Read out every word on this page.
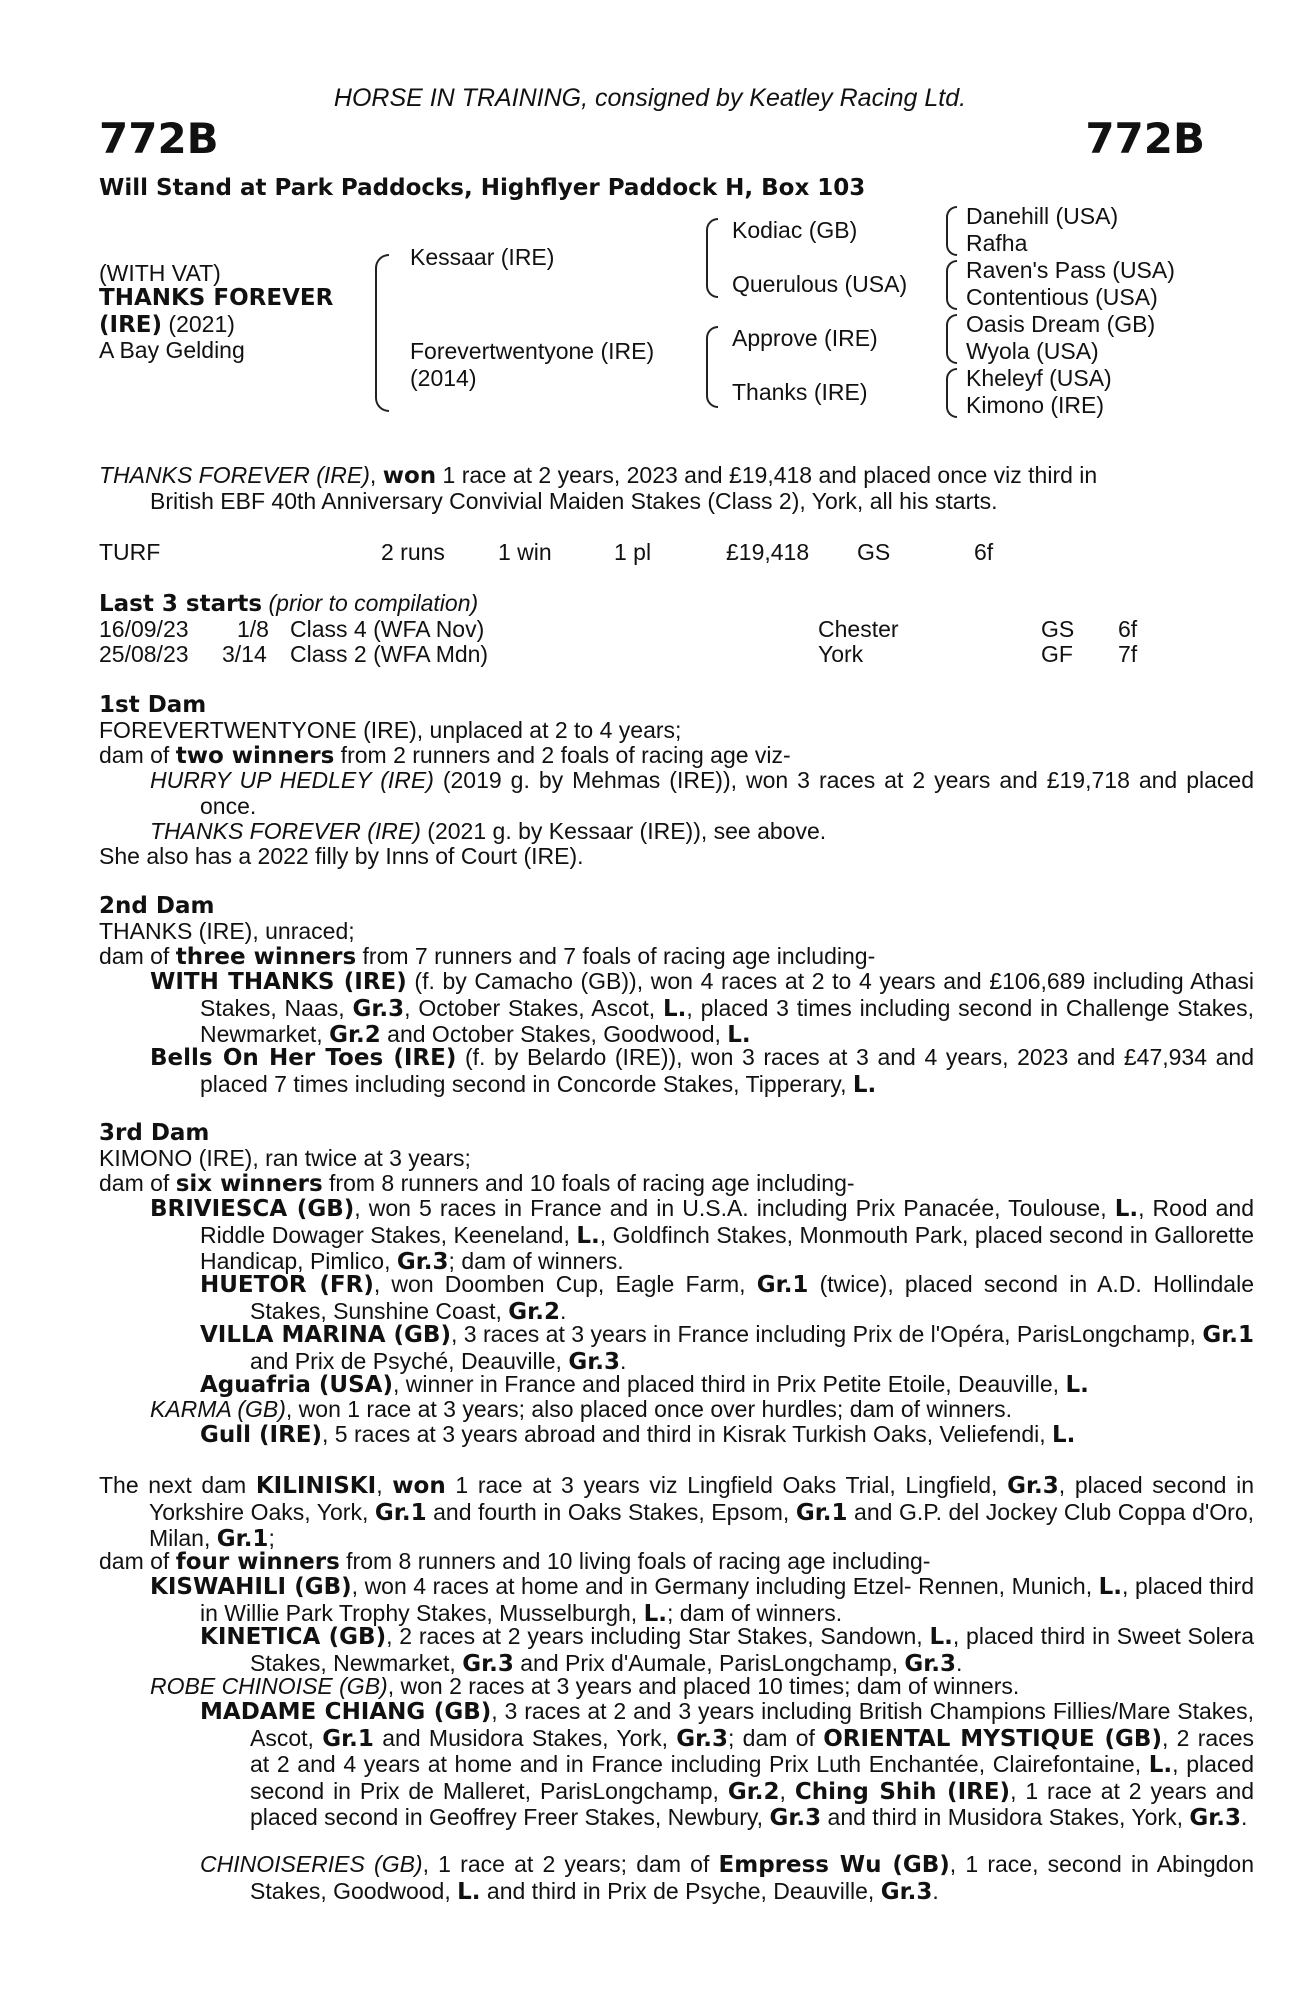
HORSE IN TRAINING, consigned by Keatley Racing Ltd.
772B	772B
Will Stand at Park Paddocks, Highflyer Paddock H, Box 103
(WITH VAT)
THANKS FOREVER
(IRE) (2021)
A Bay Gelding
Kessaar (IRE)
Forevertwentyone (IRE)
(2014)
Kodiac (GB)
Querulous (USA)
Approve (IRE)
Thanks (IRE)
Danehill (USA)
Rafha
Raven's Pass (USA)
Contentious (USA)
Oasis Dream (GB)
Wyola (USA)
Kheleyf (USA)
Kimono (IRE)
THANKS FOREVER (IRE), won 1 race at 2 years, 2023 and £19,418 and placed once viz third in
British EBF 40th Anniversary Convivial Maiden Stakes (Class 2), York, all his starts.
TURF	2 runs 1 win	1 pl	£19,418 GS	6f
Last 3 starts (prior to compilation)
16/09/23 1/8 Class 4 (WFA Nov)	Chester	GS 6f
25/08/23 3/14 Class 2 (WFA Mdn)	York	GF 7f
1st Dam
FOREVERTWENTYONE (IRE), unplaced at 2 to 4 years;
dam of two winners from 2 runners and 2 foals of racing age viz-
HURRY UP HEDLEY (IRE) (2019 g. by Mehmas (IRE)), won 3 races at 2 years and £19,718 and placed once.
THANKS FOREVER (IRE) (2021 g. by Kessaar (IRE)), see above.
She also has a 2022 filly by Inns of Court (IRE).
2nd Dam
THANKS (IRE), unraced;
dam of three winners from 7 runners and 7 foals of racing age including-
WITH THANKS (IRE) (f. by Camacho (GB)), won 4 races at 2 to 4 years and £106,689 including Athasi Stakes, Naas, Gr.3, October Stakes, Ascot, L., placed 3 times including second in Challenge Stakes, Newmarket, Gr.2 and October Stakes, Goodwood, L.
Bells On Her Toes (IRE) (f. by Belardo (IRE)), won 3 races at 3 and 4 years, 2023 and £47,934 and placed 7 times including second in Concorde Stakes, Tipperary, L.
3rd Dam
KIMONO (IRE), ran twice at 3 years;
dam of six winners from 8 runners and 10 foals of racing age including-
BRIVIESCA (GB), won 5 races in France and in U.S.A. including Prix Panacée, Toulouse, L., Rood and Riddle Dowager Stakes, Keeneland, L., Goldfinch Stakes, Monmouth Park, placed second in Gallorette Handicap, Pimlico, Gr.3; dam of winners.
HUETOR (FR), won Doomben Cup, Eagle Farm, Gr.1 (twice), placed second in A.D. Hollindale Stakes, Sunshine Coast, Gr.2.
VILLA MARINA (GB), 3 races at 3 years in France including Prix de l'Opéra, ParisLongchamp, Gr.1 and Prix de Psyché, Deauville, Gr.3.
Aguafria (USA), winner in France and placed third in Prix Petite Etoile, Deauville, L.
KARMA (GB), won 1 race at 3 years; also placed once over hurdles; dam of winners.
Gull (IRE), 5 races at 3 years abroad and third in Kisrak Turkish Oaks, Veliefendi, L.
The next dam KILINISKI, won 1 race at 3 years viz Lingfield Oaks Trial, Lingfield, Gr.3, placed second in Yorkshire Oaks, York, Gr.1 and fourth in Oaks Stakes, Epsom, Gr.1 and G.P. del Jockey Club Coppa d'Oro, Milan, Gr.1;
dam of four winners from 8 runners and 10 living foals of racing age including-
KISWAHILI (GB), won 4 races at home and in Germany including Etzel- Rennen, Munich, L., placed third in Willie Park Trophy Stakes, Musselburgh, L.; dam of winners.
KINETICA (GB), 2 races at 2 years including Star Stakes, Sandown, L., placed third in Sweet Solera Stakes, Newmarket, Gr.3 and Prix d'Aumale, ParisLongchamp, Gr.3.
ROBE CHINOISE (GB), won 2 races at 3 years and placed 10 times; dam of winners.
MADAME CHIANG (GB), 3 races at 2 and 3 years including British Champions Fillies/Mare Stakes, Ascot, Gr.1 and Musidora Stakes, York, Gr.3; dam of ORIENTAL MYSTIQUE (GB), 2 races at 2 and 4 years at home and in France including Prix Luth Enchantée, Clairefontaine, L., placed second in Prix de Malleret, ParisLongchamp, Gr.2, Ching Shih (IRE), 1 race at 2 years and placed second in Geoffrey Freer Stakes, Newbury, Gr.3 and third in Musidora Stakes, York, Gr.3.
CHINOISERIES (GB), 1 race at 2 years; dam of Empress Wu (GB), 1 race, second in Abingdon Stakes, Goodwood, L. and third in Prix de Psyche, Deauville, Gr.3.
